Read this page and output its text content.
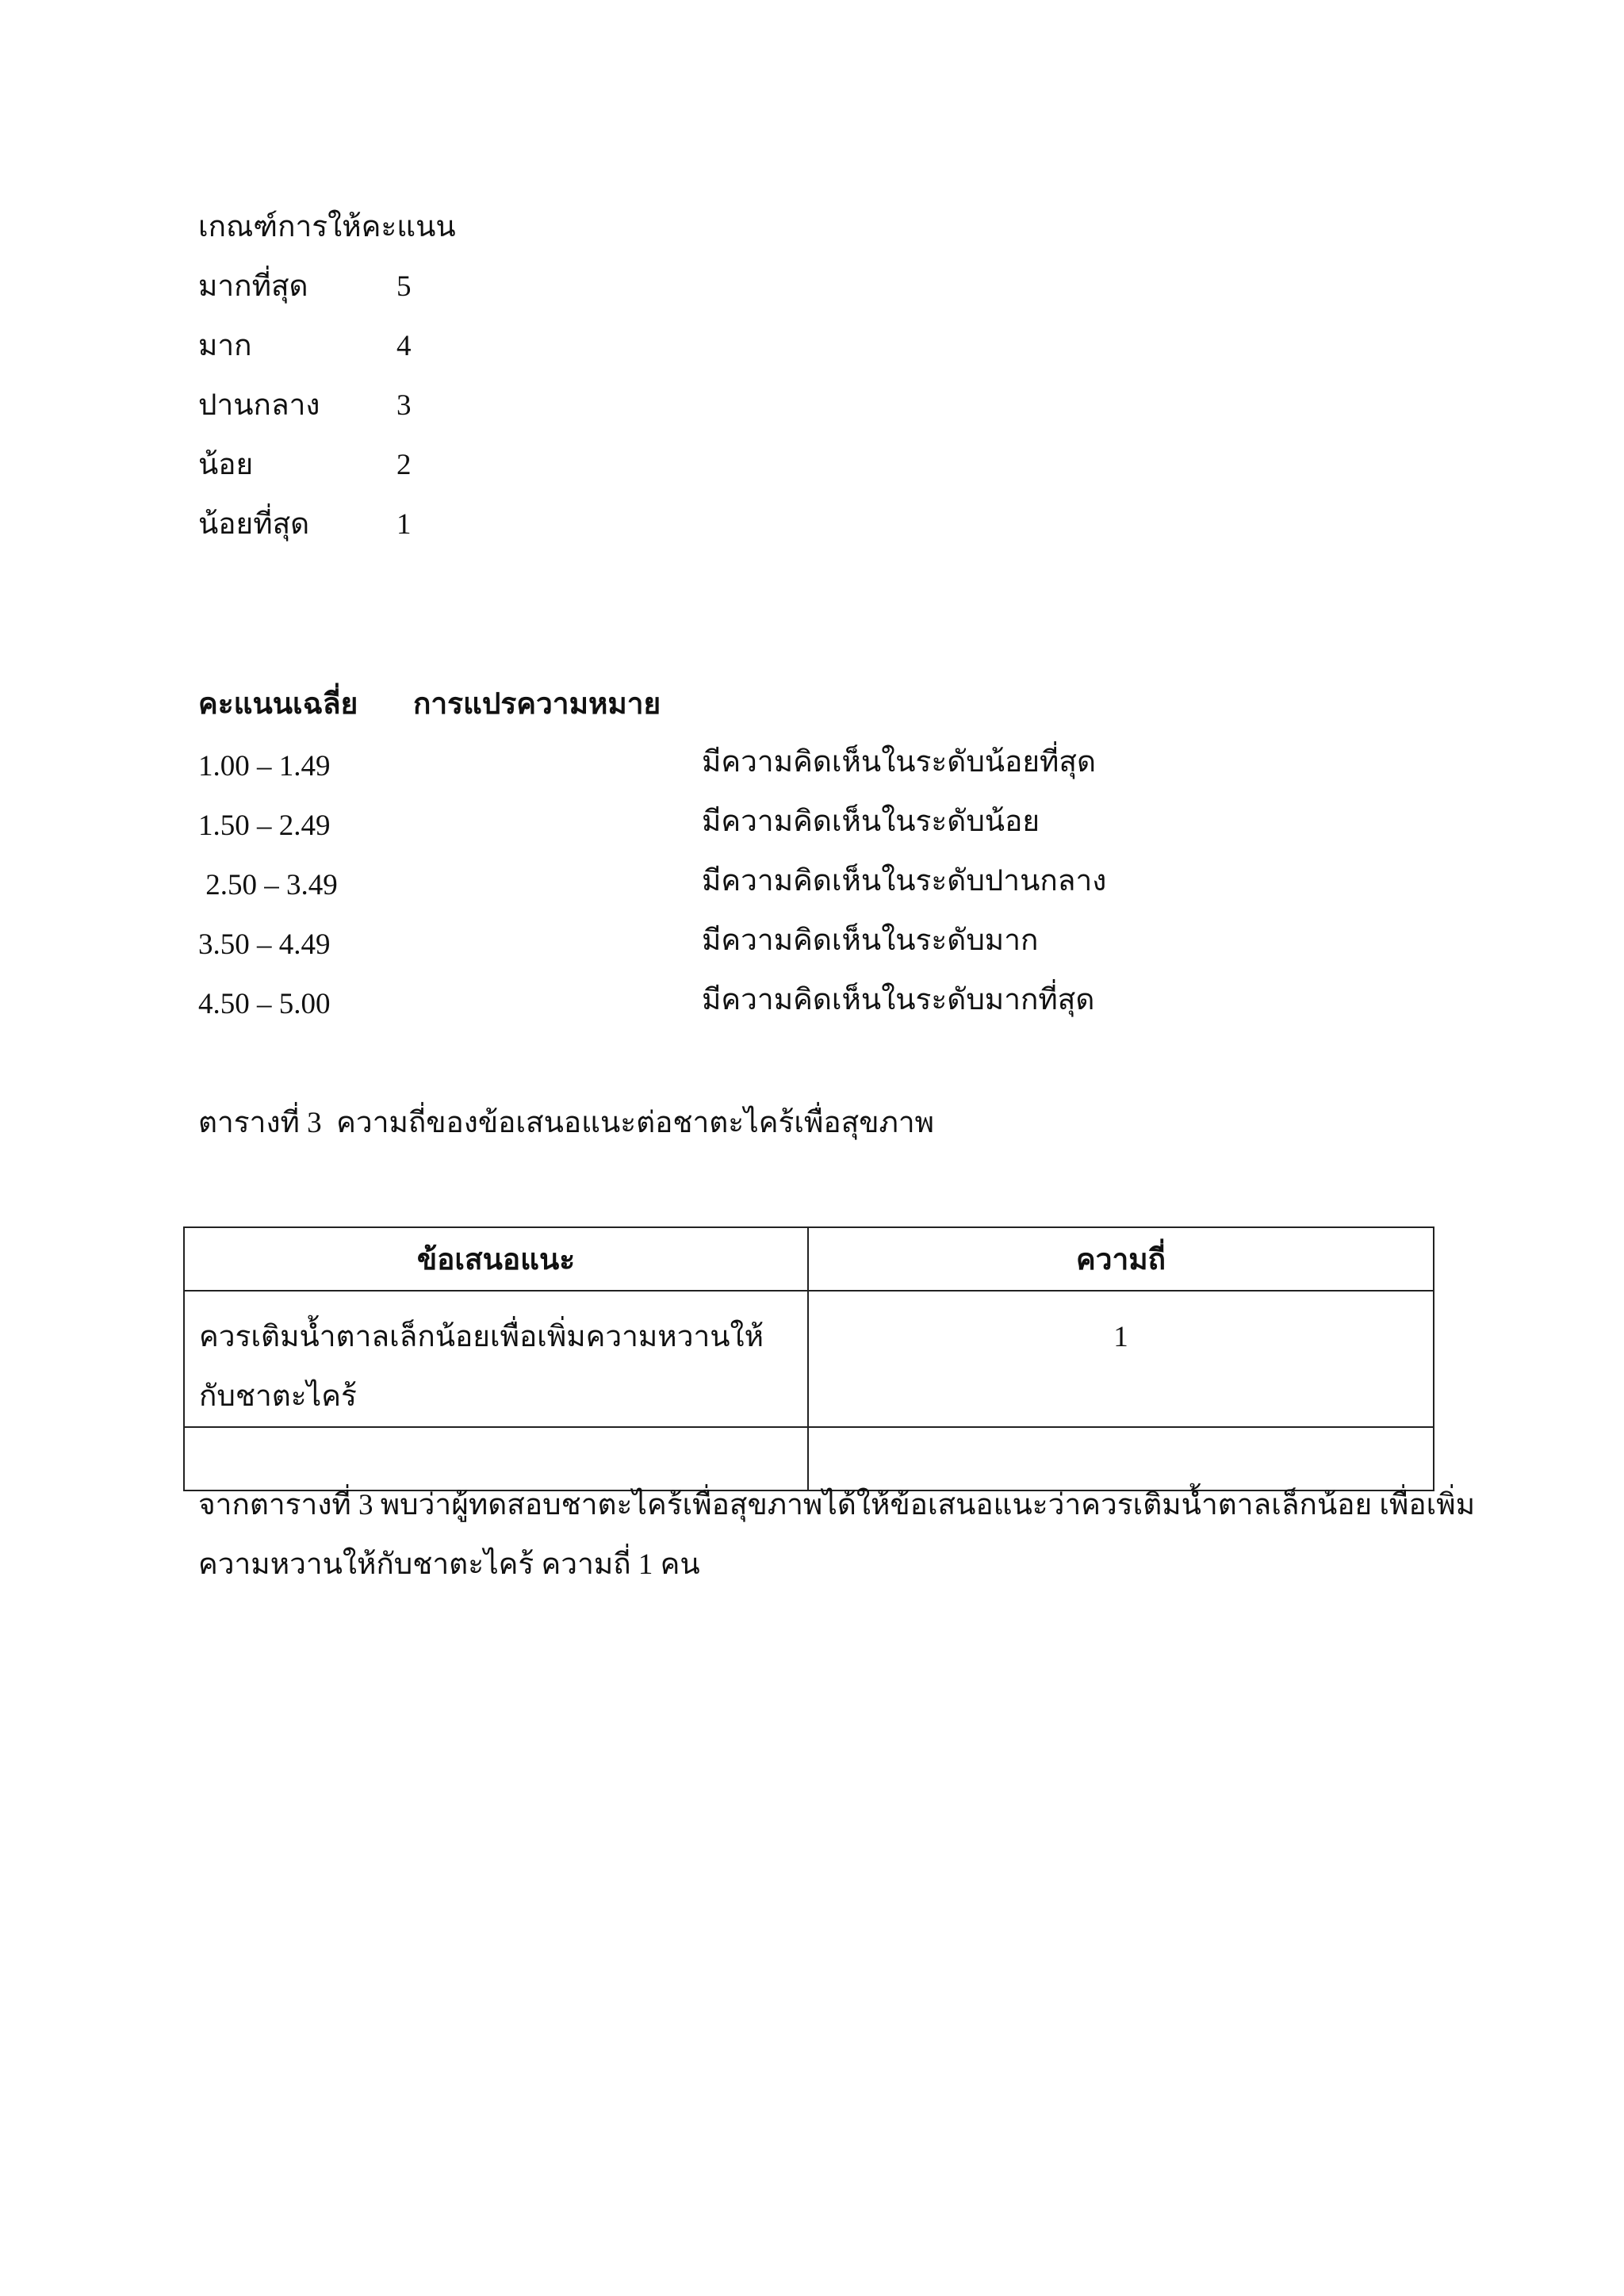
เกณฑ์การให้คะแนน
มากที่สุด	5
มาก	4
ปานกลาง	3
น้อย	2
น้อยที่สุด	1
คะแนนเฉลี่ย การแปรความหมาย
1.00 – 1.49	มีความคิดเห็นในระดับน้อยที่สุด
1.50 – 2.49	มีความคิดเห็นในระดับน้อย
2.50 – 3.49	มีความคิดเห็นในระดับปานกลาง
3.50 – 4.49	มีความคิดเห็นในระดับมาก
4.50 – 5.00	มีความคิดเห็นในระดับมากที่สุด
ตารางที่ 3  ความถี่ของข้อเสนอแนะต่อชาตะไคร้เพื่อสุขภาพ
ข้อเสนอแนะ	ความถี่
ควรเติมน้ำตาลเล็กน้อยเพื่อเพิ่มความหวานให้กับชาตะไคร้	1

จากตารางที่ 3 พบว่าผู้ทดสอบชาตะไคร้เพื่อสุขภาพได้ให้ข้อเสนอแนะว่าควรเติมน้ำตาลเล็กน้อย เพื่อเพิ่ม
ความหวานให้กับชาตะไคร้ ความถี่ 1 คน
